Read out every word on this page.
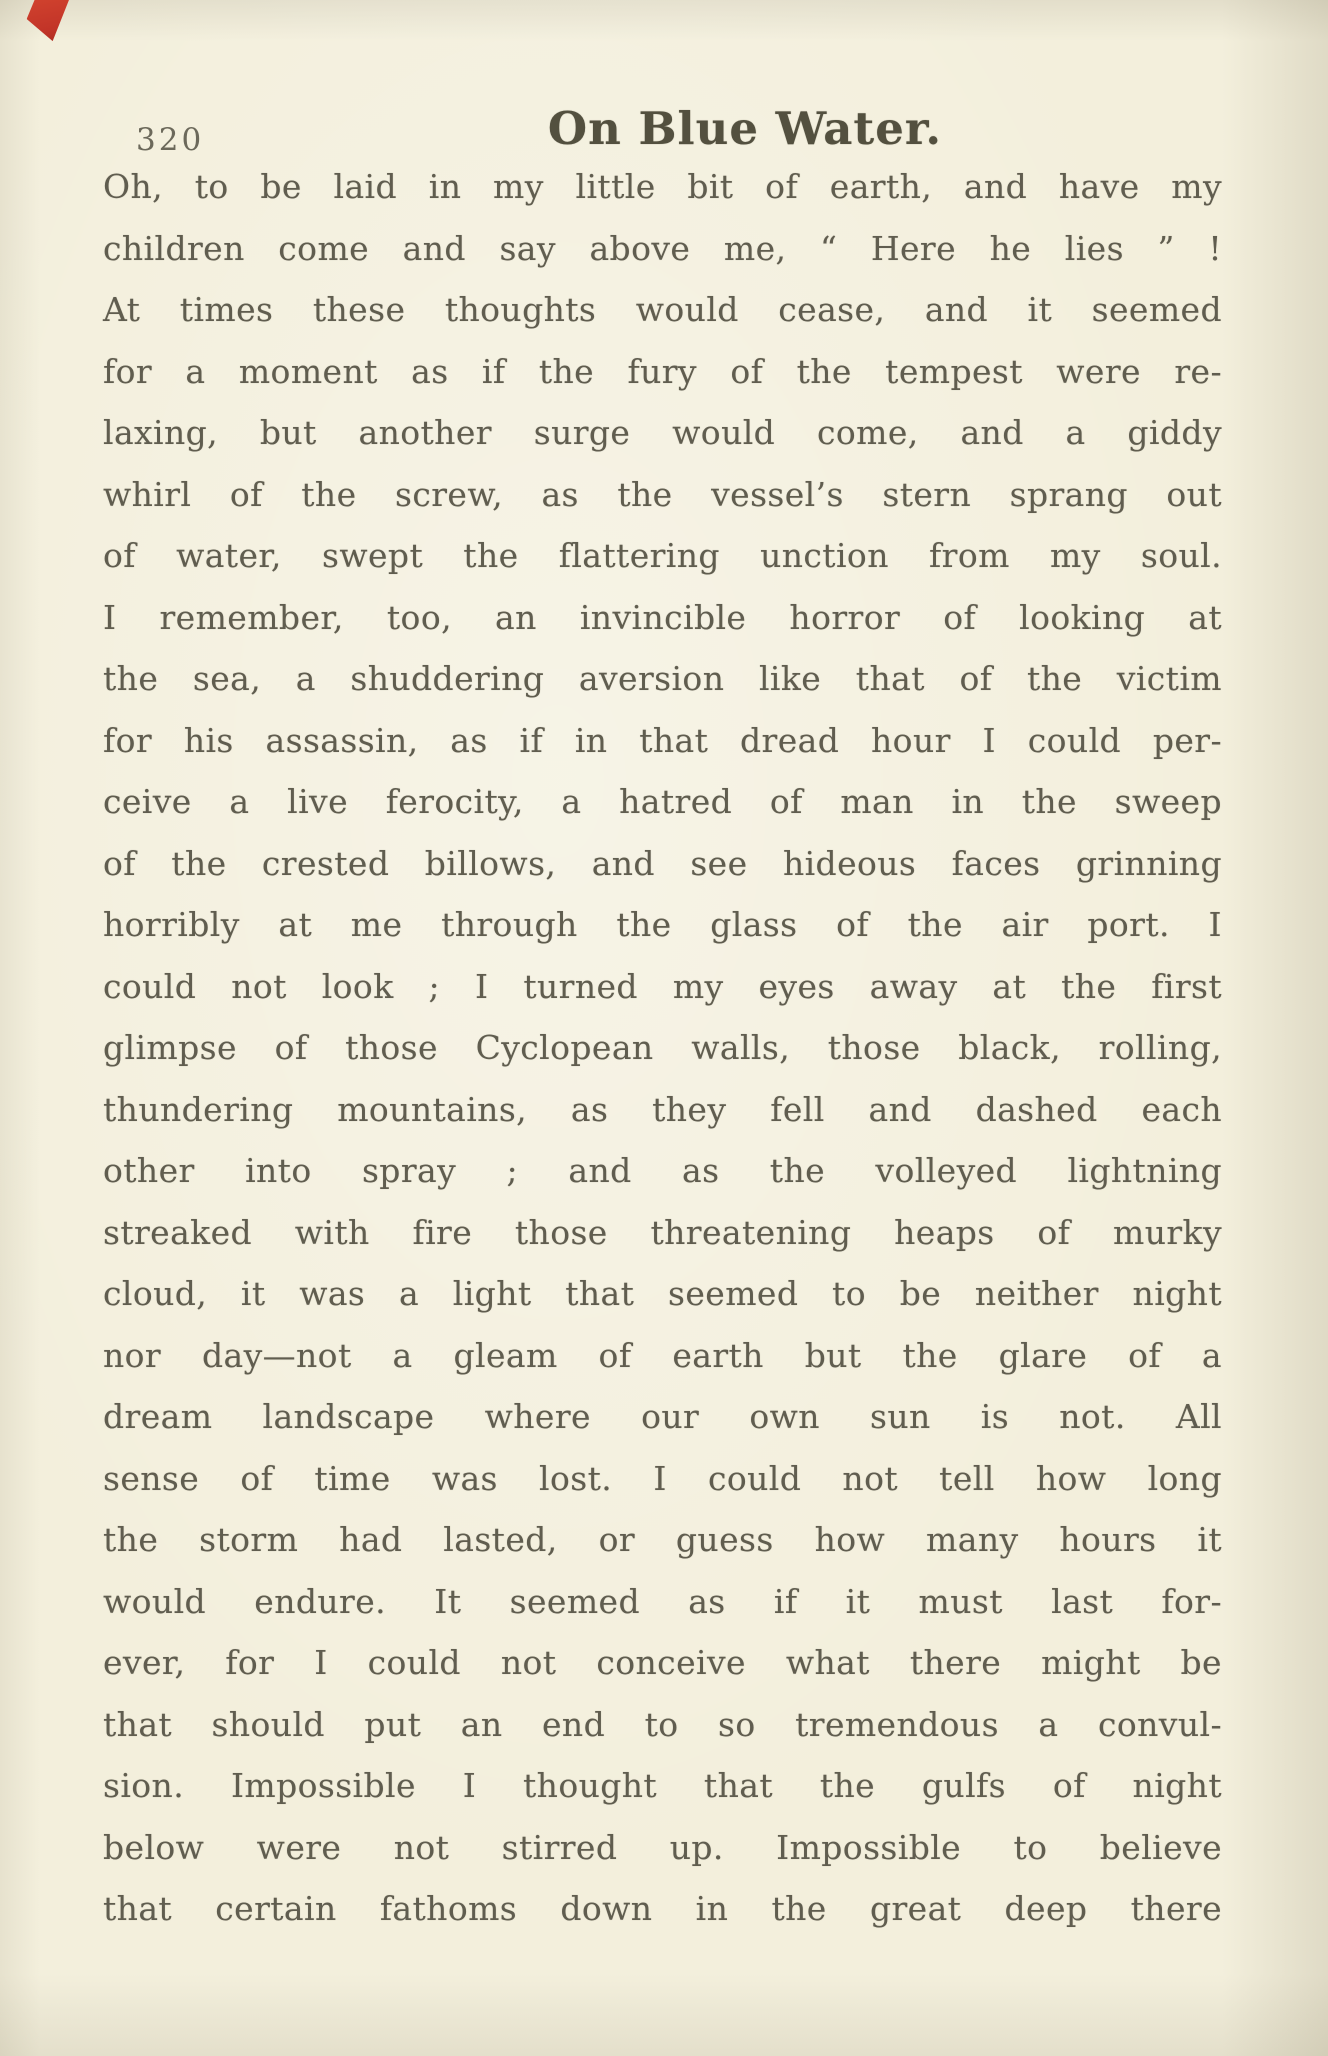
320	On Blue Water.
Oh, to be laid in my little bit of earth, and have my
children come and say above me, “ Here he lies ” !
At times these thoughts would cease, and it seemed
for a moment as if the fury of the tempest were re-
laxing, but another surge would come, and a giddy
whirl of the screw, as the vessel’s stern sprang out
of water, swept the flattering unction from my soul.
I remember, too, an invincible horror of looking at
the sea, a shuddering aversion like that of the victim
for his assassin, as if in that dread hour I could per-
ceive a live ferocity, a hatred of man in the sweep
of the crested billows, and see hideous faces grinning
horribly at me through the glass of the air port. I
could not look ; I turned my eyes away at the first
glimpse of those Cyclopean walls, those black, rolling,
thundering mountains, as they fell and dashed each
other into spray ; and as the volleyed lightning
streaked with fire those threatening heaps of murky
cloud, it was a light that seemed to be neither night
nor day—not a gleam of earth but the glare of a
dream landscape where our own sun is not. All
sense of time was lost. I could not tell how long
the storm had lasted, or guess how many hours it
would endure. It seemed as if it must last for-
ever, for I could not conceive what there might be
that should put an end to so tremendous a convul-
sion. Impossible I thought that the gulfs of night
below were not stirred up. Impossible to believe
that certain fathoms down in the great deep there
